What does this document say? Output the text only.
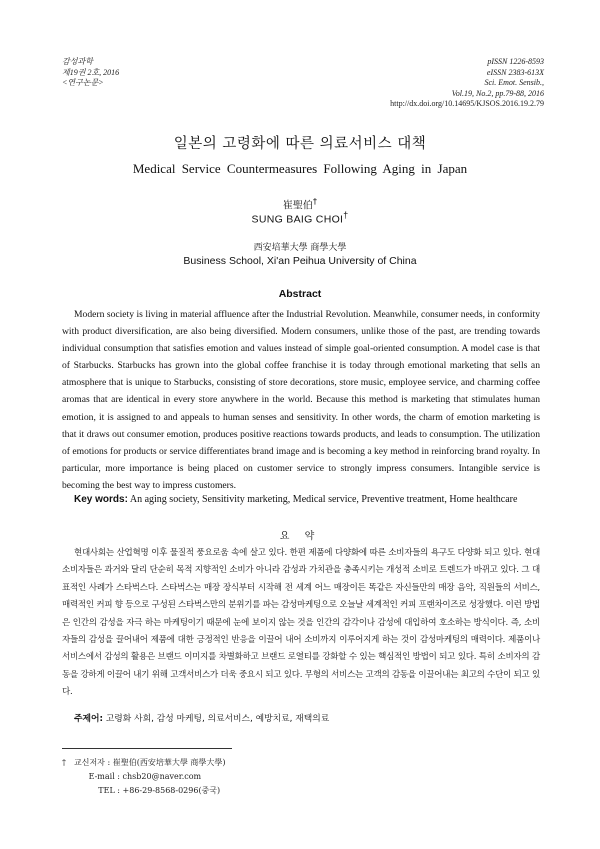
감성과학
제19권 2호, 2016
<연구논문>
pISSN 1226-8593
eISSN 2383-613X
Sci. Emot. Sensib.,
Vol.19, No.2, pp.79-88, 2016
http://dx.doi.org/10.14695/KJSOS.2016.19.2.79
일본의 고령화에 따른 의료서비스 대책
Medical Service Countermeasures Following Aging in Japan
崔聖伯†
SUNG BAIG CHOI†
西安培華大學 商學大學
Business School, Xi'an Peihua University of China
Abstract

Modern society is living in material affluence after the Industrial Revolution. Meanwhile, consumer needs, in conformity with product diversification, are also being diversified. Modern consumers, unlike those of the past, are trending towards individual consumption that satisfies emotion and values instead of simple goal-oriented consumption. A model case is that of Starbucks. Starbucks has grown into the global coffee franchise it is today through emotional marketing that sells an atmosphere that is unique to Starbucks, consisting of store decorations, store music, employee service, and charming coffee aromas that are identical in every store anywhere in the world. Because this method is marketing that stimulates human emotion, it is assigned to and appeals to human senses and sensitivity. In other words, the charm of emotion marketing is that it draws out consumer emotion, produces positive reactions towards products, and leads to consumption. The utilization of emotions for products or service differentiates brand image and is becoming a key method in reinforcing brand royalty. In particular, more importance is being placed on customer service to strongly impress consumers. Intangible service is becoming the best way to impress customers.

Key words: An aging society, Sensitivity marketing, Medical service, Preventive treatment, Home healthcare

요 약

현대사회는 산업혁명 이후 물질적 풍요로움 속에 살고 있다. 한편 제품에 다양화에 따른 소비자들의 욕구도 다양화 되고 있다. 현대 소비자들은 과거와 달리 단순히 목적 지향적인 소비가 아니라 감성과 가치관을 충족시키는 개성적 소비로 트렌드가 바뀌고 있다. 그 대표적인 사례가 스타벅스다. 스타벅스는 매장 장식부터 시작해 전 세계 어느 매장이든 똑같은 자신들만의 매장 음악, 직원들의 서비스, 매력적인 커피 향 등으로 구성된 스타벅스만의 분위기를 파는 감성마케팅으로 오늘날 세계적인 커피 프랜차이즈로 성장했다. 이런 방법은 인간의 감성을 자극 하는 마케팅이기 때문에 눈에 보이지 않는 것을 인간의 감각이나 감성에 대입하여 호소하는 방식이다. 즉, 소비자들의 감성을 끌어내어 제품에 대한 긍정적인 반응을 이끌어 내어 소비까지 이루어지게 하는 것이 감성마케팅의 매력이다. 제품이나 서비스에서 감성의 활용은 브랜드 이미지를 차별화하고 브랜드 로열티를 강화할 수 있는 핵심적인 방법이 되고 있다. 특히 소비자의 감동을 강하게 이끌어 내기 위해 고객서비스가 더욱 중요시 되고 있다. 무형의 서비스는 고객의 감동을 이끌어내는 최고의 수단이 되고 있다.

주제어: 고령화 사회, 감성 마케팅, 의료서비스, 예방치료, 재택의료

†	교신저자 :
崔聖伯(西安培華大學 商學大學)
E-mail :
chsb20@naver.com
TEL :
+86-29-8568-0296(중국)
